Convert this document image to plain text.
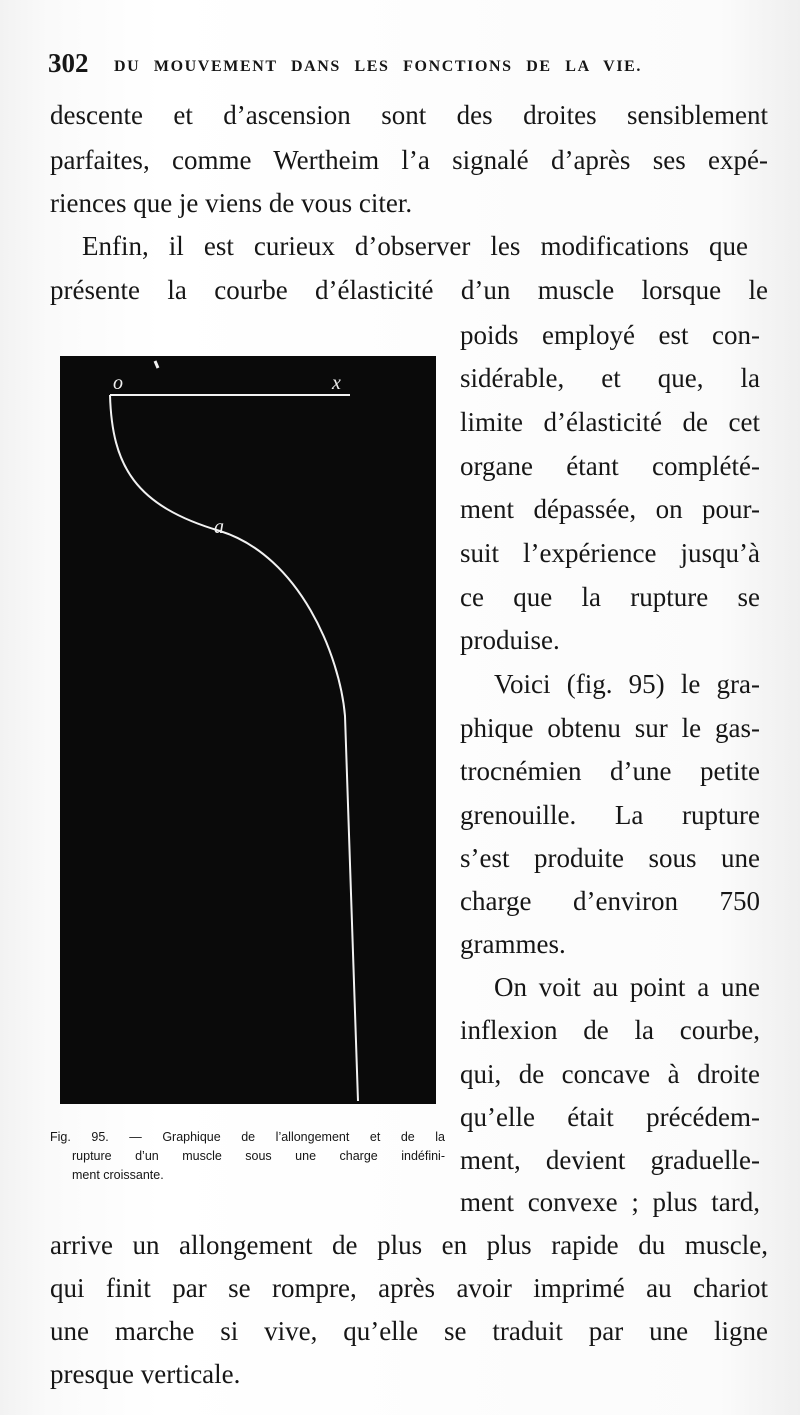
302 DU MOUVEMENT DANS LES FONCTIONS DE LA VIE.
descente et d’ascension sont des droites sensiblement
parfaites, comme Wertheim l’a signalé d’après ses expé-
riences que je viens de vous citer.
Enfin, il est curieux d’observer les modifications que
présente la courbe d’élasticité d’un muscle lorsque le
o	x
a
poids employé est con-
sidérable, et que, la
limite d’élasticité de cet
organe étant complété-
ment dépassée, on pour-
suit l’expérience jusqu’à
ce que la rupture se
produise.
Voici (fig. 95) le gra-
phique obtenu sur le gas-
trocnémien d’une petite
grenouille. La rupture
s’est produite sous une
charge d’environ 750
grammes.
On voit au point a une
inflexion de la courbe,
qui, de concave à droite
qu’elle était précédem-
ment, devient graduelle-
ment convexe ; plus tard,
Fig. 95. — Graphique de l’allongement et de la
rupture d’un muscle sous une charge indéfini-
ment croissante.
arrive un allongement de plus en plus rapide du muscle,
qui finit par se rompre, après avoir imprimé au chariot
une marche si vive, qu’elle se traduit par une ligne
presque verticale.
